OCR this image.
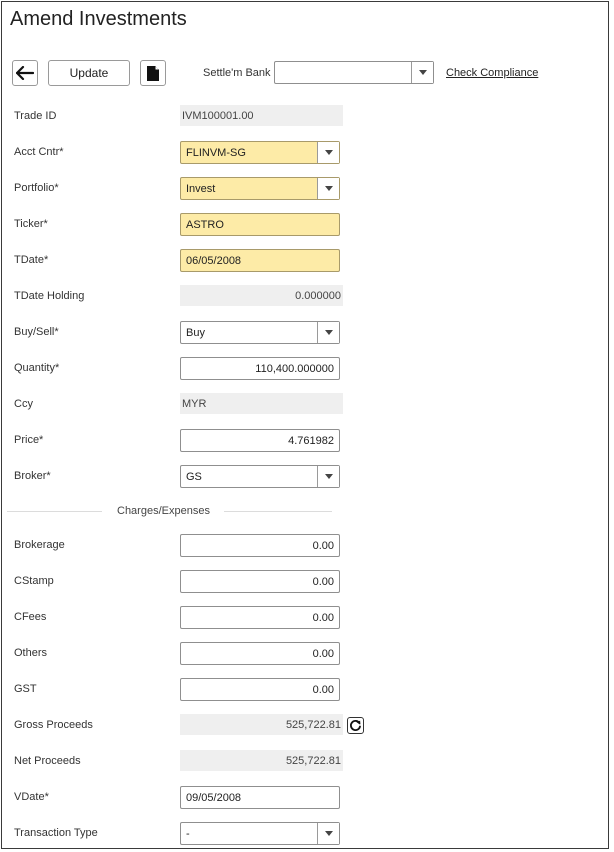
Amend Investments
Update	Settle'm Bank	Check Compliance
Trade ID	IVM100001.00
Acct Cntr*	FLINVM-SG
Portfolio*	Invest
Ticker*	ASTRO
TDate*	06/05/2008
TDate Holding	0.000000
Buy/Sell*	Buy
Quantity*	110,400.000000
Ccy	MYR
Price*	4.761982
Broker*	GS
Charges/Expenses
Brokerage	0.00
CStamp	0.00
CFees	0.00
Others	0.00
GST	0.00
Gross Proceeds	525,722.81
Net Proceeds	525,722.81
VDate*	09/05/2008
Transaction Type	-
